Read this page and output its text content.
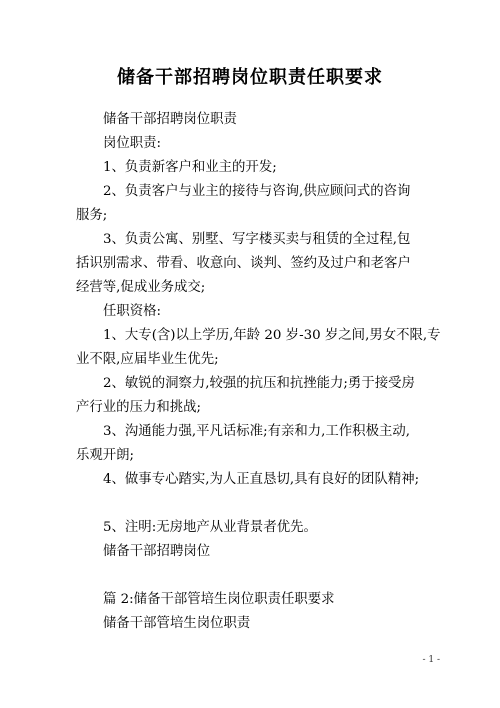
储备干部招聘岗位职责任职要求
储备干部招聘岗位职责
岗位职责:
1、负责新客户和业主的开发;
2、负责客户与业主的接待与咨询,供应顾问式的咨询
服务;
3、负责公寓、别墅、写字楼买卖与租赁的全过程,包
括识别需求、带看、收意向、谈判、签约及过户和老客户
经营等,促成业务成交;
任职资格:
1、大专(含)以上学历,年龄 20 岁-30 岁之间,男女不限,专
业不限,应届毕业生优先;
2、敏锐的洞察力,较强的抗压和抗挫能力;勇于接受房
产行业的压力和挑战;
3、沟通能力强,平凡话标准;有亲和力,工作积极主动,
乐观开朗;
4、做事专心踏实,为人正直恳切,具有良好的团队精神;
5、注明:无房地产从业背景者优先。
储备干部招聘岗位
篇 2:储备干部管培生岗位职责任职要求
储备干部管培生岗位职责
- 1 -
